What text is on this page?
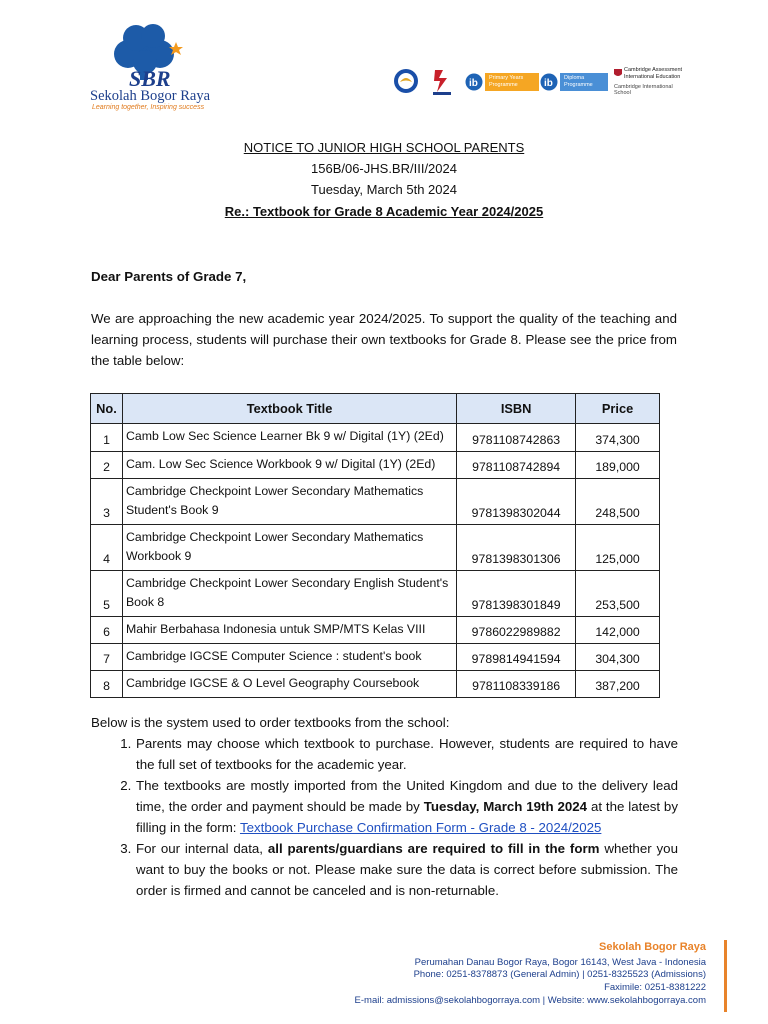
SBR
Sekolah Bogor Raya
Learning together, Inspiring success
ib	Primary Years Programme	ib	Diploma Programme
Cambridge Assessment International Education
Cambridge International School
NOTICE TO JUNIOR HIGH SCHOOL PARENTS
156B/06-JHS.BR/III/2024
Tuesday, March 5th 2024
Re.: Textbook for Grade 8 Academic Year 2024/2025
Dear Parents of Grade 7,
We are approaching the new academic year 2024/2025. To support the quality of the teaching and learning process, students will purchase their own textbooks for Grade 8. Please see the price from the table below:
No.	Textbook Title	ISBN	Price
1	Camb Low Sec Science Learner Bk 9 w/ Digital (1Y) (2Ed)	9781108742863	374,300
2	Cam. Low Sec Science Workbook 9 w/ Digital (1Y) (2Ed)	9781108742894	189,000
3	Cambridge Checkpoint Lower Secondary Mathematics Student's Book 9	9781398302044	248,500
4	Cambridge Checkpoint Lower Secondary Mathematics Workbook 9	9781398301306	125,000
5	Cambridge Checkpoint Lower Secondary English Student's Book 8	9781398301849	253,500
6	Mahir Berbahasa Indonesia untuk SMP/MTS Kelas VIII	9786022989882	142,000
7	Cambridge IGCSE Computer Science : student's book	9789814941594	304,300
8	Cambridge IGCSE & O Level Geography Coursebook	9781108339186	387,200
Below is the system used to order textbooks from the school:
1. Parents may choose which textbook to purchase. However, students are required to have the full set of textbooks for the academic year.
2. The textbooks are mostly imported from the United Kingdom and due to the delivery lead time, the order and payment should be made by Tuesday, March 19th 2024 at the latest by filling in the form: Textbook Purchase Confirmation Form - Grade 8 - 2024/2025
3. For our internal data, all parents/guardians are required to fill in the form whether you want to buy the books or not. Please make sure the data is correct before submission. The order is firmed and cannot be canceled and is non-returnable.
Sekolah Bogor Raya
Perumahan Danau Bogor Raya, Bogor 16143, West Java - Indonesia
Phone: 0251-8378873 (General Admin) | 0251-8325523 (Admissions)
Faximile: 0251-8381222
E-mail: admissions@sekolahbogorraya.com | Website: www.sekolahbogorraya.com
